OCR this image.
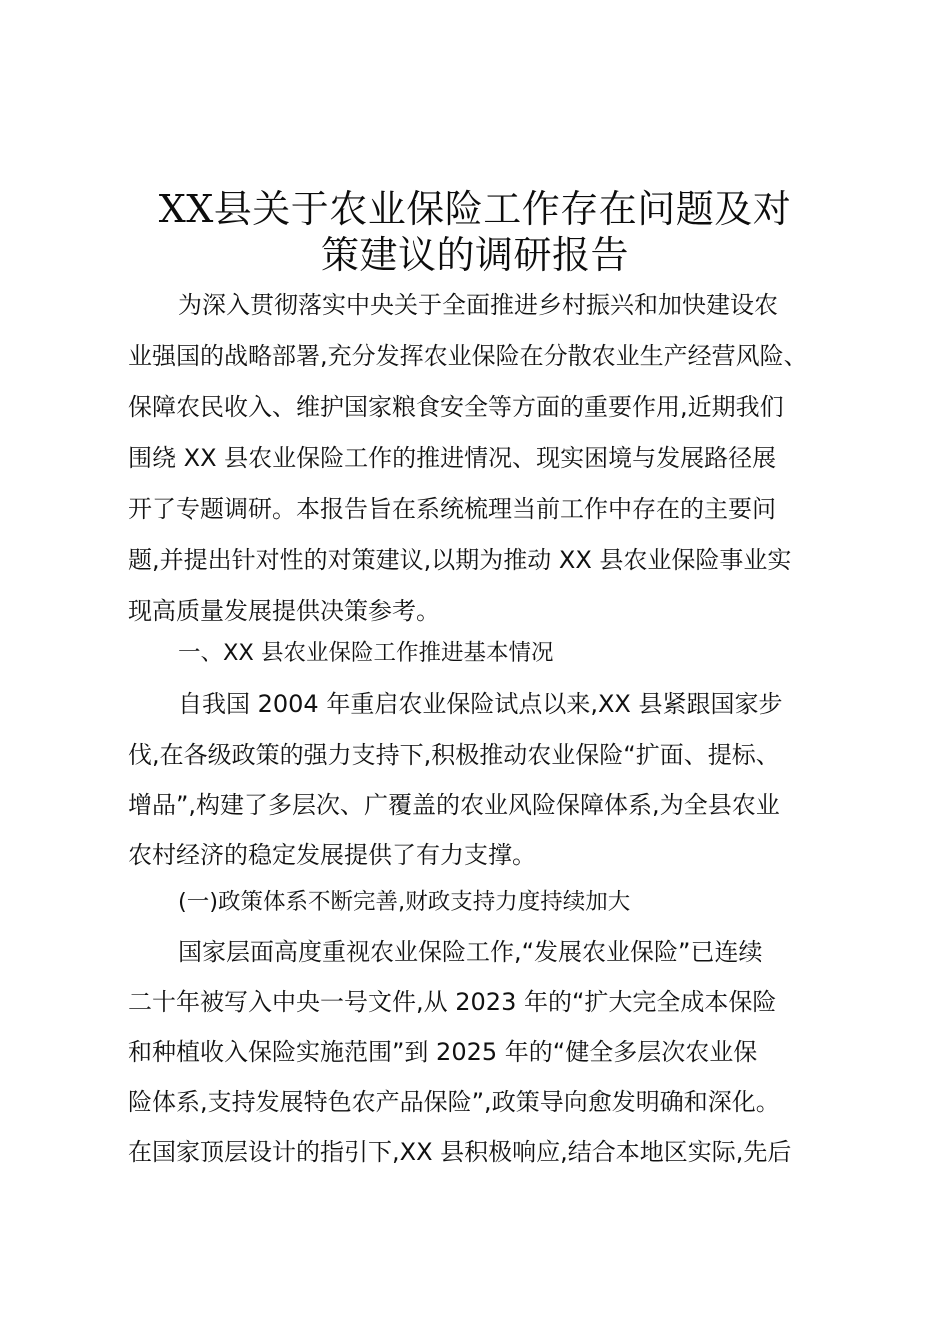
XX县关于农业保险工作存在问题及对
策建议的调研报告
为深入贯彻落实中央关于全面推进乡村振兴和加快建设农
业强国的战略部署,充分发挥农业保险在分散农业生产经营风险、
保障农民收入、维护国家粮食安全等方面的重要作用,近期我们
围绕 XX 县农业保险工作的推进情况、现实困境与发展路径展
开了专题调研。本报告旨在系统梳理当前工作中存在的主要问
题,并提出针对性的对策建议,以期为推动 XX 县农业保险事业实
现高质量发展提供决策参考。
一、XX 县农业保险工作推进基本情况
自我国 2004 年重启农业保险试点以来,XX 县紧跟国家步
伐,在各级政策的强力支持下,积极推动农业保险“扩面、提标、
增品”,构建了多层次、广覆盖的农业风险保障体系,为全县农业
农村经济的稳定发展提供了有力支撑。
(一)政策体系不断完善,财政支持力度持续加大
国家层面高度重视农业保险工作,“发展农业保险”已连续
二十年被写入中央一号文件,从 2023 年的“扩大完全成本保险
和种植收入保险实施范围”到 2025 年的“健全多层次农业保
险体系,支持发展特色农产品保险”,政策导向愈发明确和深化。
在国家顶层设计的指引下,XX 县积极响应,结合本地区实际,先后
